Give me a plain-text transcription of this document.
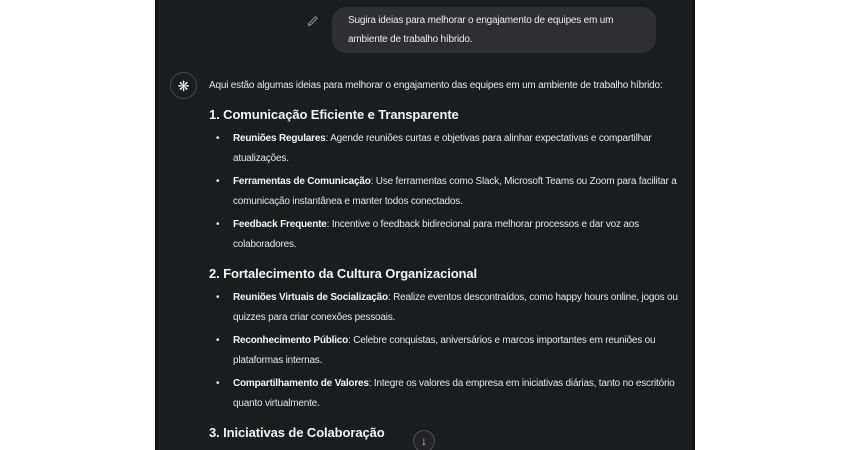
Sugira ideias para melhorar o engajamento de equipes em um ambiente de trabalho híbrido.
❋ Aqui estão algumas ideias para melhorar o engajamento das equipes em um ambiente de trabalho híbrido:
1. Comunicação Eficiente e Transparente
•	Reuniões Regulares: Agende reuniões curtas e objetivas para alinhar expectativas e compartilhar atualizações.
•	Ferramentas de Comunicação: Use ferramentas como Slack, Microsoft Teams ou Zoom para facilitar a comunicação instantânea e manter todos conectados.
•	Feedback Frequente: Incentive o feedback bidirecional para melhorar processos e dar voz aos colaboradores.
2. Fortalecimento da Cultura Organizacional
•	Reuniões Virtuais de Socialização: Realize eventos descontraídos, como happy hours online, jogos ou quizzes para criar conexões pessoais.
•	Reconhecimento Público: Celebre conquistas, aniversários e marcos importantes em reuniões ou plataformas internas.
•	Compartilhamento de Valores: Integre os valores da empresa em iniciativas diárias, tanto no escritório quanto virtualmente.
3. Iniciativas de Colaboração
↓
